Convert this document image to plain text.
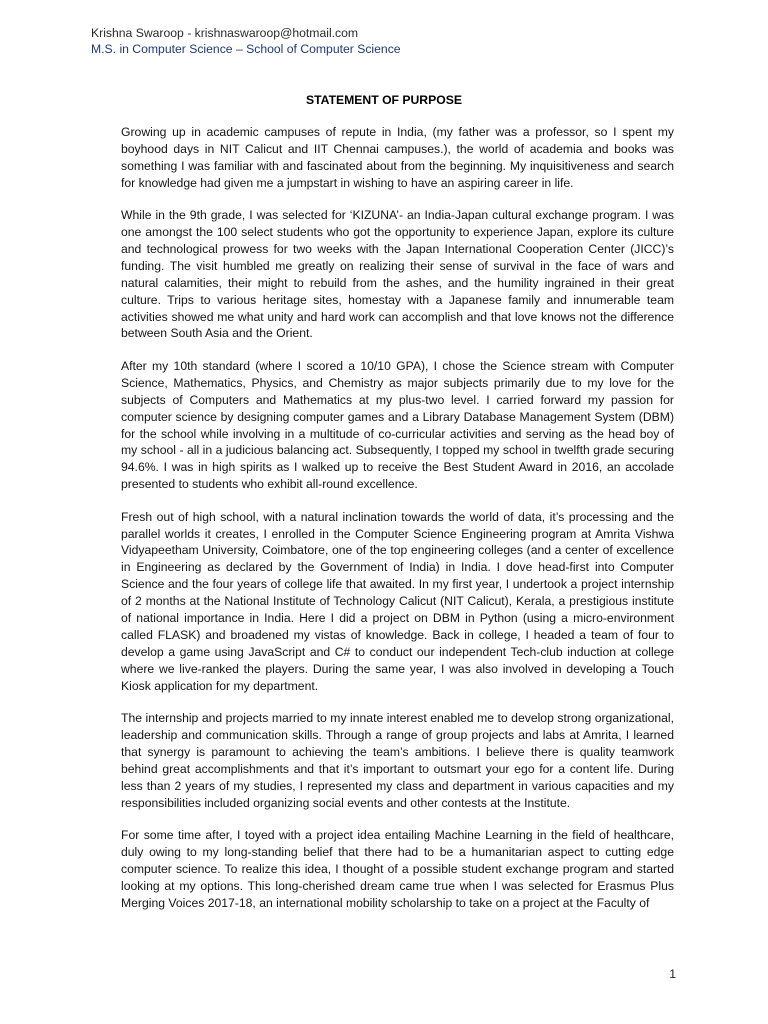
Krishna Swaroop - krishnaswaroop@hotmail.com
M.S. in Computer Science – School of Computer Science
STATEMENT OF PURPOSE

Growing up in academic campuses of repute in India, (my father was a professor, so I spent my boyhood days in NIT Calicut and IIT Chennai campuses.), the world of academia and books was something I was familiar with and fascinated about from the beginning. My inquisitiveness and search for knowledge had given me a jumpstart in wishing to have an aspiring career in life.

While in the 9th grade, I was selected for ‘KIZUNA’- an India-Japan cultural exchange program. I was one amongst the 100 select students who got the opportunity to experience Japan, explore its culture and technological prowess for two weeks with the Japan International Cooperation Center (JICC)’s funding. The visit humbled me greatly on realizing their sense of survival in the face of wars and natural calamities, their might to rebuild from the ashes, and the humility ingrained in their great culture. Trips to various heritage sites, homestay with a Japanese family and innumerable team activities showed me what unity and hard work can accomplish and that love knows not the difference between South Asia and the Orient.

After my 10th standard (where I scored a 10/10 GPA), I chose the Science stream with Computer Science, Mathematics, Physics, and Chemistry as major subjects primarily due to my love for the subjects of Computers and Mathematics at my plus-two level. I carried forward my passion for computer science by designing computer games and a Library Database Management System (DBM) for the school while involving in a multitude of co-curricular activities and serving as the head boy of my school - all in a judicious balancing act. Subsequently, I topped my school in twelfth grade securing 94.6%. I was in high spirits as I walked up to receive the Best Student Award in 2016, an accolade presented to students who exhibit all-round excellence.

Fresh out of high school, with a natural inclination towards the world of data, it’s processing and the parallel worlds it creates, I enrolled in the Computer Science Engineering program at Amrita Vishwa Vidyapeetham University, Coimbatore, one of the top engineering colleges (and a center of excellence in Engineering as declared by the Government of India) in India. I dove head-first into Computer Science and the four years of college life that awaited. In my first year, I undertook a project internship of 2 months at the National Institute of Technology Calicut (NIT Calicut), Kerala, a prestigious institute of national importance in India. Here I did a project on DBM in Python (using a micro-environment called FLASK) and broadened my vistas of knowledge. Back in college, I headed a team of four to develop a game using JavaScript and C# to conduct our independent Tech-club induction at college where we live-ranked the players. During the same year, I was also involved in developing a Touch Kiosk application for my department.

The internship and projects married to my innate interest enabled me to develop strong organizational, leadership and communication skills. Through a range of group projects and labs at Amrita, I learned that synergy is paramount to achieving the team’s ambitions. I believe there is quality teamwork behind great accomplishments and that it’s important to outsmart your ego for a content life. During less than 2 years of my studies, I represented my class and department in various capacities and my responsibilities included organizing social events and other contests at the Institute.

For some time after, I toyed with a project idea entailing Machine Learning in the field of healthcare, duly owing to my long-standing belief that there had to be a humanitarian aspect to cutting edge computer science. To realize this idea, I thought of a possible student exchange program and started looking at my options. This long-cherished dream came true when I was selected for Erasmus Plus Merging Voices 2017-18, an international mobility scholarship to take on a project at the Faculty of

1
